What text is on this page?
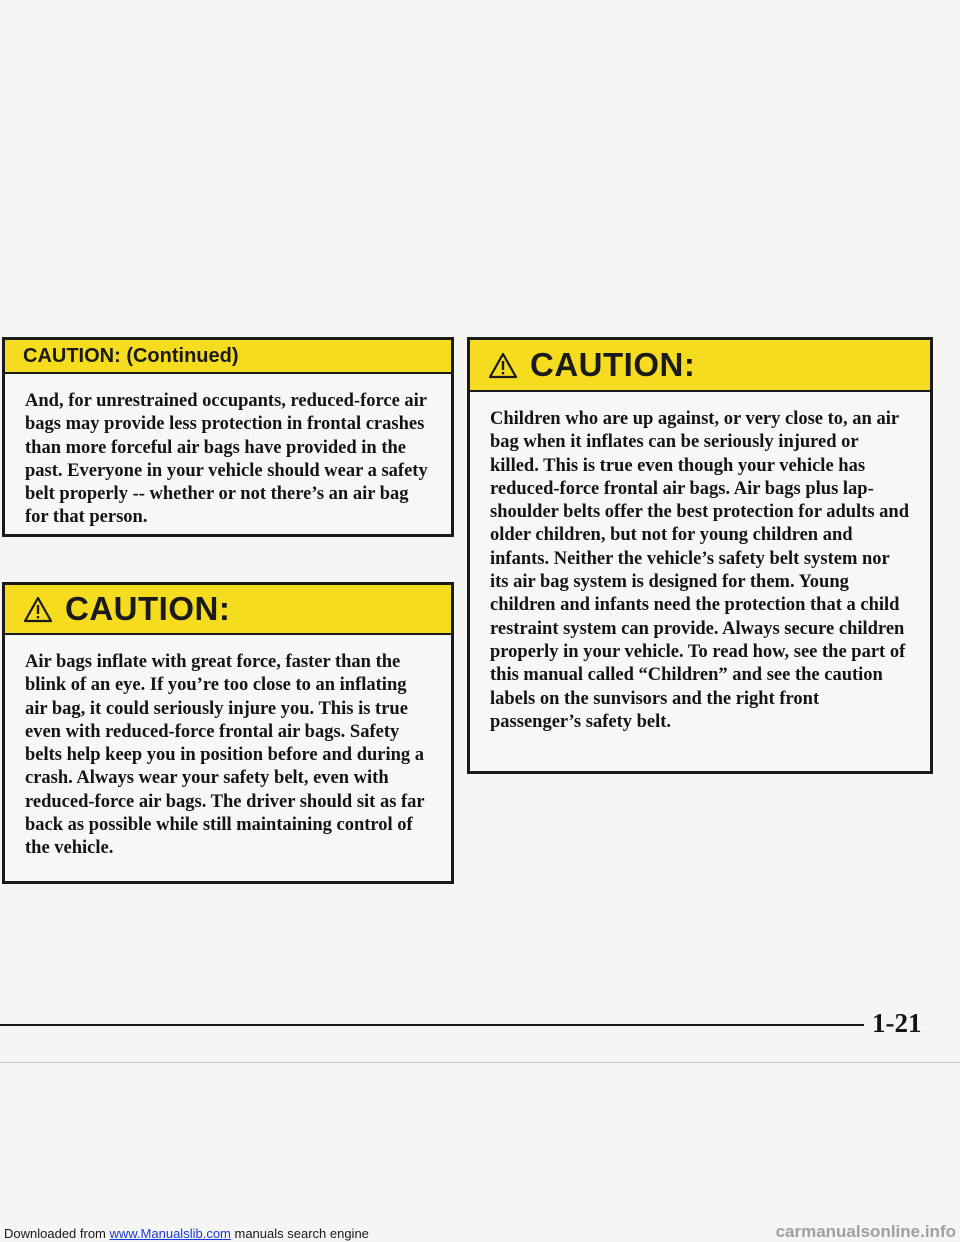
CAUTION: (Continued)
And, for unrestrained occupants, reduced-force air bags may provide less protection in frontal crashes than more forceful air bags have provided in the past. Everyone in your vehicle should wear a safety belt properly -- whether or not there’s an air bag for that person.
CAUTION:
Air bags inflate with great force, faster than the blink of an eye. If you’re too close to an inflating air bag, it could seriously injure you. This is true even with reduced-force frontal air bags. Safety belts help keep you in position before and during a crash. Always wear your safety belt, even with reduced-force air bags. The driver should sit as far back as possible while still maintaining control of the vehicle.
CAUTION:
Children who are up against, or very close to, an air bag when it inflates can be seriously injured or killed. This is true even though your vehicle has reduced-force frontal air bags. Air bags plus lap-shoulder belts offer the best protection for adults and older children, but not for young children and infants. Neither the vehicle’s safety belt system nor its air bag system is designed for them. Young children and infants need the protection that a child restraint system can provide. Always secure children properly in your vehicle. To read how, see the part of this manual called “Children” and see the caution labels on the sunvisors and the right front passenger’s safety belt.
1-21
Downloaded from www.Manualslib.com manuals search engine	carmanualsonline.info
